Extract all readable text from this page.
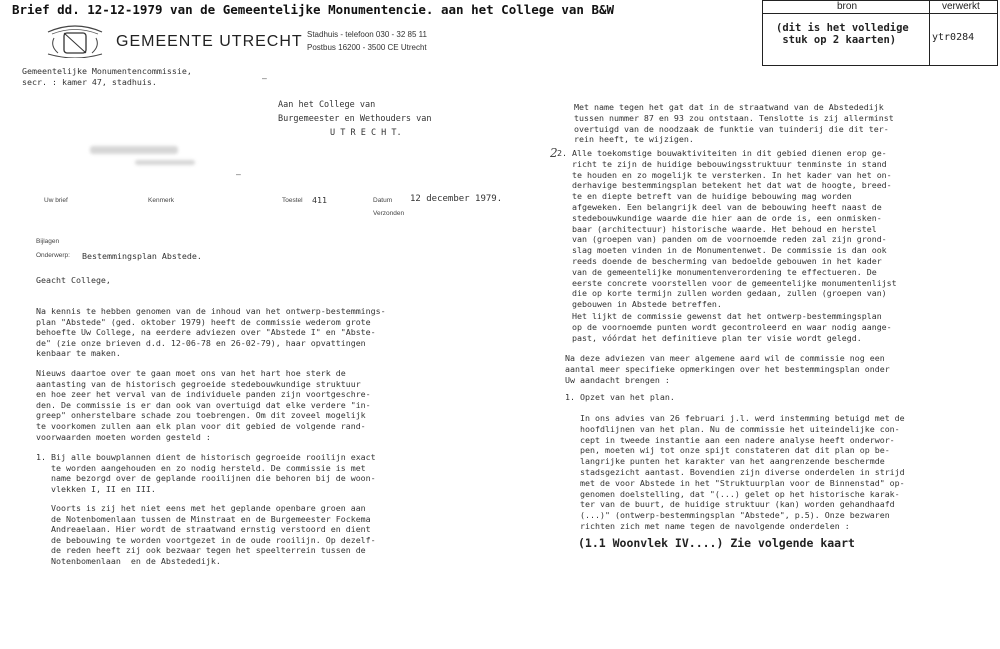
Brief dd. 12-12-1979 van de Gemeentelijke Monumentencie. aan het College van B&W	bron	verwerkt
(dit is het volledige
stuk op 2 kaarten)	ytr0284
GEMEENTE UTRECHT Stadhuis - telefoon 030 - 32 85 11
Postbus 16200 - 3500 CE Utrecht
Gemeentelijke Monumentencommissie,
secr. : kamer 47, stadhuis.	–
Aan het College van
Burgemeester en Wethouders van
U T R E C H T.
–
Uw brief	Kenmerk	Toestel 411	Datum 12 december 1979.
Verzonden
Bijlagen
Onderwerp: Bestemmingsplan Abstede.
Geacht College,
Na kennis te hebben genomen van de inhoud van het ontwerp-bestemmings-
plan "Abstede" (ged. oktober 1979) heeft de commissie wederom grote
behoefte Uw College, na eerdere adviezen over "Abstede I" en "Abste-
de" (zie onze brieven d.d. 12-06-78 en 26-02-79), haar opvattingen
kenbaar te maken.
Nieuws daartoe over te gaan moet ons van het hart hoe sterk de
aantasting van de historisch gegroeide stedebouwkundige struktuur
en hoe zeer het verval van de individuele panden zijn voortgeschre-
den. De commissie is er dan ook van overtuigd dat elke verdere "in-
greep" onherstelbare schade zou toebrengen. Om dit zoveel mogelijk
te voorkomen zullen aan elk plan voor dit gebied de volgende rand-
voorwaarden moeten worden gesteld :
1. Bij alle bouwplannen dient de historisch gegroeide rooilijn exact
te worden aangehouden en zo nodig hersteld. De commissie is met
name bezorgd over de geplande rooilijnen die behoren bij de woon-
vlekken I, II en III.
Voorts is zij het niet eens met het geplande openbare groen aan
de Notenbomenlaan tussen de Minstraat en de Burgemeester Fockema
Andreaelaan. Hier wordt de straatwand ernstig verstoord en dient
de bebouwing te worden voortgezet in de oude rooilijn. Op dezelf-
de reden heeft zij ook bezwaar tegen het speelterrein tussen de
Notenbomenlaan  en de Abstededijk.
Met name tegen het gat dat in de straatwand van de Abstededijk
tussen nummer 87 en 93 zou ontstaan. Tenslotte is zij allerminst
overtuigd van de noodzaak de funktie van tuinderij die dit ter-
rein heeft, te wijzigen.
2 2. Alle toekomstige bouwaktiviteiten in dit gebied dienen erop ge-
richt te zijn de huidige bebouwingsstruktuur tenminste in stand
te houden en zo mogelijk te versterken. In het kader van het on-
derhavige bestemmingsplan betekent het dat wat de hoogte, breed-
te en diepte betreft van de huidige bebouwing mag worden
afgeweken. Een belangrijk deel van de bebouwing heeft naast de
stedebouwkundige waarde die hier aan de orde is, een onmisken-
baar (architectuur) historische waarde. Het behoud en herstel
van (groepen van) panden om de voornoemde reden zal zijn grond-
slag moeten vinden in de Monumentenwet. De commissie is dan ook
reeds doende de bescherming van bedoelde gebouwen in het kader
van de gemeentelijke monumentenverordening te effectueren. De
eerste concrete voorstellen voor de gemeentelijke monumentenlijst
die op korte termijn zullen worden gedaan, zullen (groepen van)
gebouwen in Abstede betreffen.
Het lijkt de commissie gewenst dat het ontwerp-bestemmingsplan
op de voornoemde punten wordt gecontroleerd en waar nodig aange-
past, vóórdat het definitieve plan ter visie wordt gelegd.
Na deze adviezen van meer algemene aard wil de commissie nog een
aantal meer specifieke opmerkingen over het bestemmingsplan onder
Uw aandacht brengen :
1. Opzet van het plan.
In ons advies van 26 februari j.l. werd instemming betuigd met de
hoofdlijnen van het plan. Nu de commissie het uiteindelijke con-
cept in tweede instantie aan een nadere analyse heeft onderwor-
pen, moeten wij tot onze spijt constateren dat dit plan op be-
langrijke punten het karakter van het aangrenzende beschermde
stadsgezicht aantast. Bovendien zijn diverse onderdelen in strijd
met de voor Abstede in het "Struktuurplan voor de Binnenstad" op-
genomen doelstelling, dat "(...) gelet op het historische karak-
ter van de buurt, de huidige struktuur (kan) worden gehandhaafd
(...)" (ontwerp-bestemmingsplan "Abstede", p.5). Onze bezwaren
richten zich met name tegen de navolgende onderdelen :
(1.1 Woonvlek IV....) Zie volgende kaart
